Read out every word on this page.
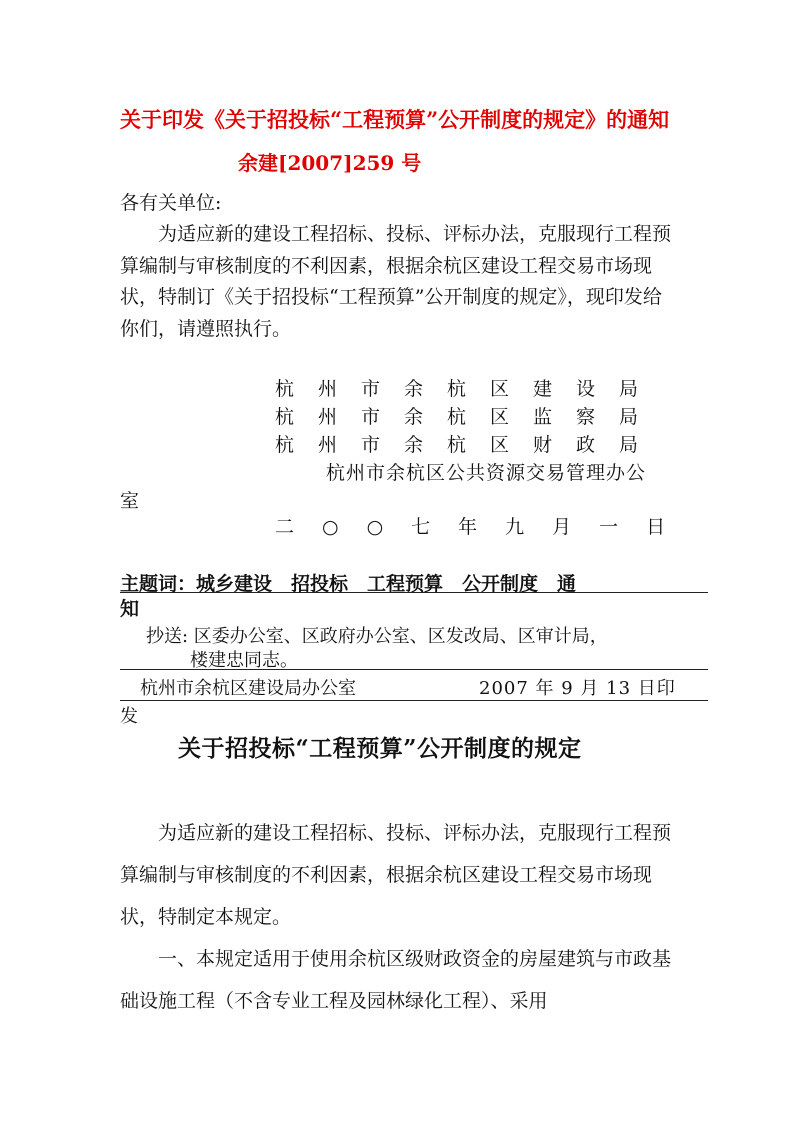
关于印发《关于招投标“工程预算”公开制度的规定》的通知
余建[2007]259 号
各有关单位:
为适应新的建设工程招标、投标、评标办法，克服现行工程预算编制与审核制度的不利因素，根据余杭区建设工程交易市场现状，特制订《关于招投标“工程预算”公开制度的规定》，现印发给你们，请遵照执行。
杭州市余杭区建设局
杭州市余杭区监察局
杭州市余杭区财政局
杭州市余杭区公共资源交易管理办公
室
二○○七年九月一日
主题词：城乡建设　招投标　工程预算　公开制度　通
知
抄送: 区委办公室、区政府办公室、区发改局、区审计局，
楼建忠同志。
杭州市余杭区建设局办公室	2007 年 9 月 13 日印
发
关于招投标“工程预算”公开制度的规定
为适应新的建设工程招标、投标、评标办法，克服现行工程预算编制与审核制度的不利因素，根据余杭区建设工程交易市场现状，特制定本规定。
一、本规定适用于使用余杭区级财政资金的房屋建筑与市政基础设施工程（不含专业工程及园林绿化工程）、采用
